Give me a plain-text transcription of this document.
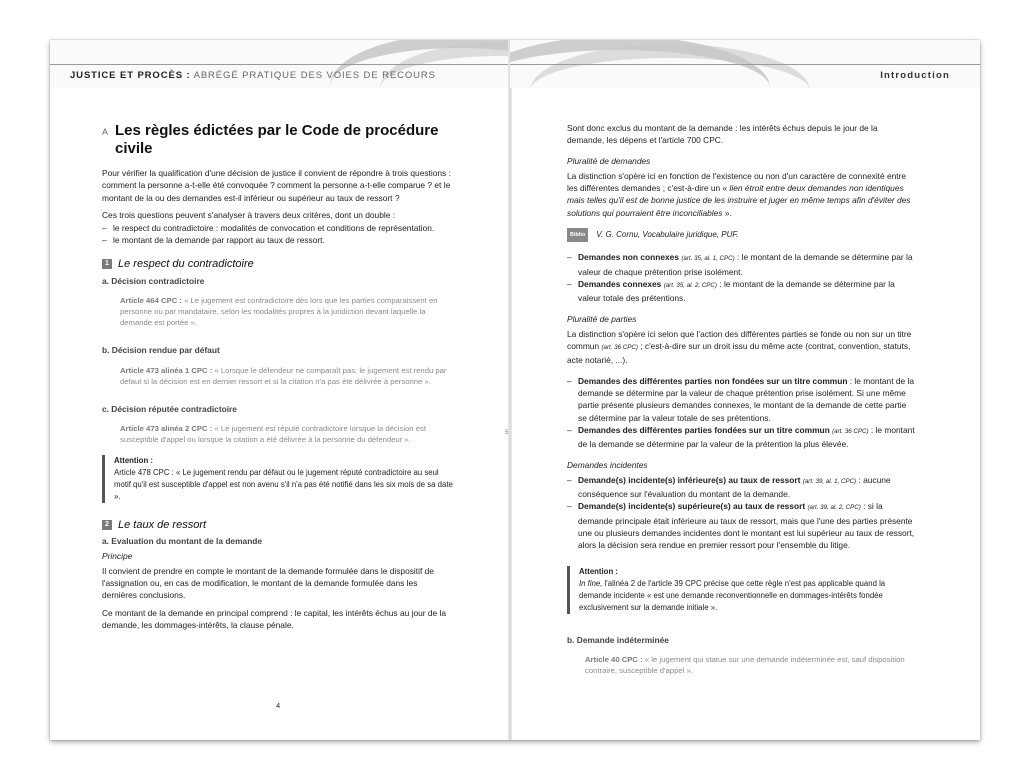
JUSTICE ET PROCÈS : ABRÉGÉ PRATIQUE DES VOIES DE RECOURS
A Les règles édictées par le Code de procédure civile

Pour vérifier la qualification d'une décision de justice il convient de répondre à trois questions : comment la personne a-t-elle été convoquée ? comment la personne a-t-elle comparue ? et le montant de la ou des demandes est-il inférieur ou supérieur au taux de ressort ?

Ces trois questions peuvent s'analyser à travers deux critères, dont un double :

– le respect du contradictoire : modalités de convocation et conditions de représentation.
– le montant de la demande par rapport au taux de ressort.
1 Le respect du contradictoire
a. Décision contradictoire
Article 464 CPC : « Le jugement est contradictoire dès lors que les parties comparaissent en personne ou par mandataire, selon les modalités propres à la juridiction devant laquelle la demande est portée ».
b. Décision rendue par défaut
Article 473 alinéa 1 CPC : « Lorsque le défendeur ne comparaît pas, le jugement est rendu par défaut si la décision est en dernier ressort et si la citation n'a pas été délivrée à personne ».
c. Décision réputée contradictoire
Article 473 alinéa 2 CPC : « Le jugement est réputé contradictoire lorsque la décision est susceptible d'appel ou lorsque la citation a été délivrée à la personne du défendeur ».
Attention :
Article 478 CPC : « Le jugement rendu par défaut ou le jugement réputé contradictoire au seul motif qu'il est susceptible d'appel est non avenu s'il n'a pas été notifié dans les six mois de sa date ».
2 Le taux de ressort
a. Evaluation du montant de la demande
Principe

Il convient de prendre en compte le montant de la demande formulée dans le dispositif de l'assignation ou, en cas de modification, le montant de la demande formulée dans les dernières conclusions.

Ce montant de la demande en principal comprend : le capital, les intérêts échus au jour de la demande, les dommages-intérêts, la clause pénale.

4
5
Introduction

Sont donc exclus du montant de la demande : les intérêts échus depuis le jour de la demande, les dépens et l'article 700 CPC.

Pluralité de demandes

La distinction s'opère ici en fonction de l'existence ou non d'un caractère de connexité entre les différentes demandes ; c'est-à-dire un « lien étroit entre deux demandes non identiques mais telles qu'il est de bonne justice de les instruire et juger en même temps afin d'éviter des solutions qui pourraient être inconciliables ».

Biblio	V. G. Cornu, Vocabulaire juridique, PUF.
– Demandes non connexes (art. 35, al. 1, CPC) : le montant de la demande se détermine par la valeur de chaque prétention prise isolément.
– Demandes connexes (art. 35, al. 2, CPC) : le montant de la demande se détermine par la valeur totale des prétentions.
Pluralité de parties

La distinction s'opère ici selon que l'action des différentes parties se fonde ou non sur un titre commun (art. 36 CPC) ; c'est-à-dire sur un droit issu du même acte (contrat, convention, statuts, acte notarié, ...).

– Demandes des différentes parties non fondées sur un titre commun : le montant de la demande se détermine par la valeur de chaque prétention prise isolément. Si une même partie présente plusieurs demandes connexes, le montant de la demande de cette partie se détermine par la valeur totale de ses prétentions.
– Demandes des différentes parties fondées sur un titre commun (art. 36 CPC) : le montant de la demande se détermine par la valeur de la prétention la plus élevée.
Demandes incidentes
– Demande(s) incidente(s) inférieure(s) au taux de ressort (art. 39, al. 1, CPC) : aucune conséquence sur l'évaluation du montant de la demande.
– Demande(s) incidente(s) supérieure(s) au taux de ressort (art. 39, al. 2, CPC) : si la demande principale était inférieure au taux de ressort, mais que l'une des parties présente une ou plusieurs demandes incidentes dont le montant est lui supérieur au taux de ressort, alors la décision sera rendue en premier ressort pour l'ensemble du litige.
Attention :
In fine, l'alinéa 2 de l'article 39 CPC précise que cette règle n'est pas applicable quand la demande incidente « est une demande reconventionnelle en dommages-intérêts fondée exclusivement sur la demande initiale ».
b. Demande indéterminée
Article 40 CPC : « le jugement qui statue sur une demande indéterminée est, sauf disposition contraire, susceptible d'appel ».
